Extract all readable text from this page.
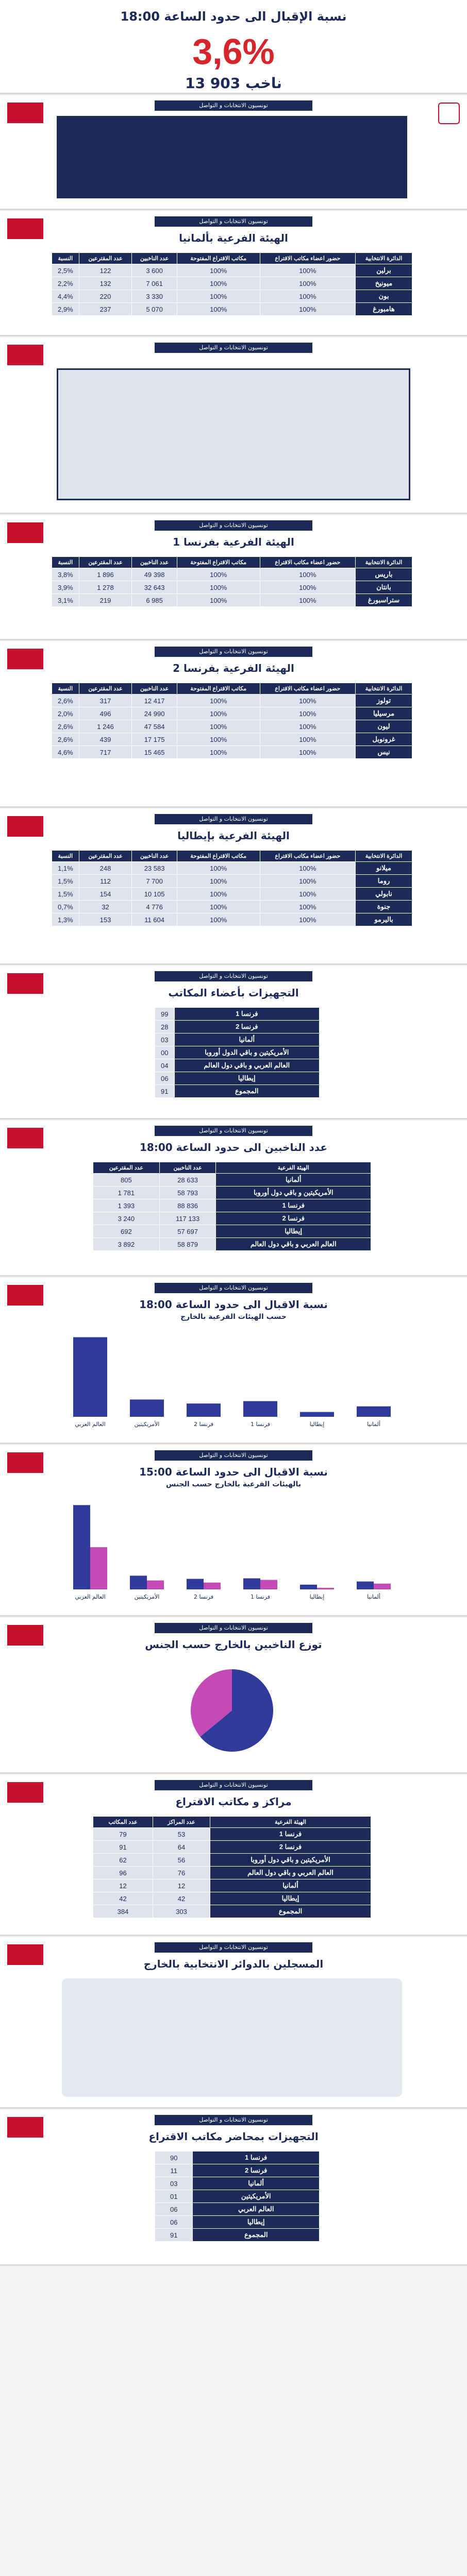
نسبة الإقبال الى حدود الساعة 18:00
3,6%
13 903 ناخب
تونسيون الانتخابات و التواصل
تونسيون الانتخابات و التواصل
الهيئة الفرعية بألمانيا
النسبة	عدد المقترعين	عدد الناخبين	مكاتب الاقتراع المفتوحة	حضور اعضاء مكاتب الاقتراع	الدائرة الانتخابية
2,5%	122	3 600	100%	100%	برلين
2,2%	132	7 061	100%	100%	ميونيخ
4,4%	220	3 330	100%	100%	بون
2,9%	237	5 070	100%	100%	هامبورغ
تونسيون الانتخابات و التواصل
تونسيون الانتخابات و التواصل
الهيئة الفرعية بفرنسا 1
النسبة	عدد المقترعين	عدد الناخبين	مكاتب الاقتراع المفتوحة	حضور اعضاء مكاتب الاقتراع	الدائرة الانتخابية
3,8%	1 896	49 398	100%	100%	باريس
3,9%	1 278	32 643	100%	100%	بانتان
3,1%	219	6 985	100%	100%	ستراسبورغ
تونسيون الانتخابات و التواصل
الهيئة الفرعية بفرنسا 2
النسبة	عدد المقترعين	عدد الناخبين	مكاتب الاقتراع المفتوحة	حضور اعضاء مكاتب الاقتراع	الدائرة الانتخابية
2,6%	317	12 417	100%	100%	تولوز
2,0%	496	24 990	100%	100%	مرسيليا
2,6%	1 246	47 584	100%	100%	ليون
2,6%	439	17 175	100%	100%	غرونوبل
4,6%	717	15 465	100%	100%	نيس
تونسيون الانتخابات و التواصل
الهيئة الفرعية بإيطاليا
النسبة	عدد المقترعين	عدد الناخبين	مكاتب الاقتراع المفتوحة	حضور اعضاء مكاتب الاقتراع	الدائرة الانتخابية
1,1%	248	23 583	100%	100%	ميلانو
1,5%	112	7 700	100%	100%	روما
1,5%	154	10 105	100%	100%	نابولي
0,7%	32	4 776	100%	100%	جنوة
1,3%	153	11 604	100%	100%	باليرمو
تونسيون الانتخابات و التواصل
التجهيزات بأعضاء المكاتب
99	فرنسا 1
28	فرنسا 2
03	ألمانيا
00	الأمريكيتين و باقي الدول أوروبا
04	العالم العربي و باقي دول العالم
06	إيطاليا
91	المجموع
تونسيون الانتخابات و التواصل
عدد الناخبين الى حدود الساعة 18:00
عدد المقترعين	عدد الناخبين	الهيئة الفرعية
805	28 633	ألمانيا
1 781	58 793	الأمريكيتين و باقي دول أوروبا
1 393	88 836	فرنسا 1
3 240	117 133	فرنسا 2
692	57 697	إيطاليا
3 892	58 879	العالم العربي و باقي دول العالم
تونسيون الانتخابات و التواصل
نسبة الاقبال الى حدود الساعة 18:00
حسب الهيئات الفرعية بالخارج
العالم العربي	الأمريكيتين	فرنسا 2	فرنسا 1	إيطاليا	ألمانيا
تونسيون الانتخابات و التواصل
نسبة الاقبال الى حدود الساعة 15:00
بالهيئات الفرعية بالخارج حسب الجنس
العالم العربي	الأمريكيتين	فرنسا 2	فرنسا 1	إيطاليا	ألمانيا
تونسيون الانتخابات و التواصل
توزع الناخبين بالخارج حسب الجنس
تونسيون الانتخابات و التواصل
مراكز و مكاتب الاقتراع
عدد المكاتب	عدد المراكز	الهيئة الفرعية
79	53	فرنسا 1
91	64	فرنسا 2
62	56	الأمريكيتين و باقي دول أوروبا
96	76	العالم العربي و باقي دول العالم
12	12	ألمانيا
42	42	إيطاليا
384	303	المجموع
تونسيون الانتخابات و التواصل
المسجلين بالدوائر الانتخابية بالخارج
تونسيون الانتخابات و التواصل
التجهيزات بمحاضر مكاتب الاقتراع
90	فرنسا 1
11	فرنسا 2
03	ألمانيا
01	الأمريكيتين
06	العالم العربي
06	إيطاليا
91	المجموع
